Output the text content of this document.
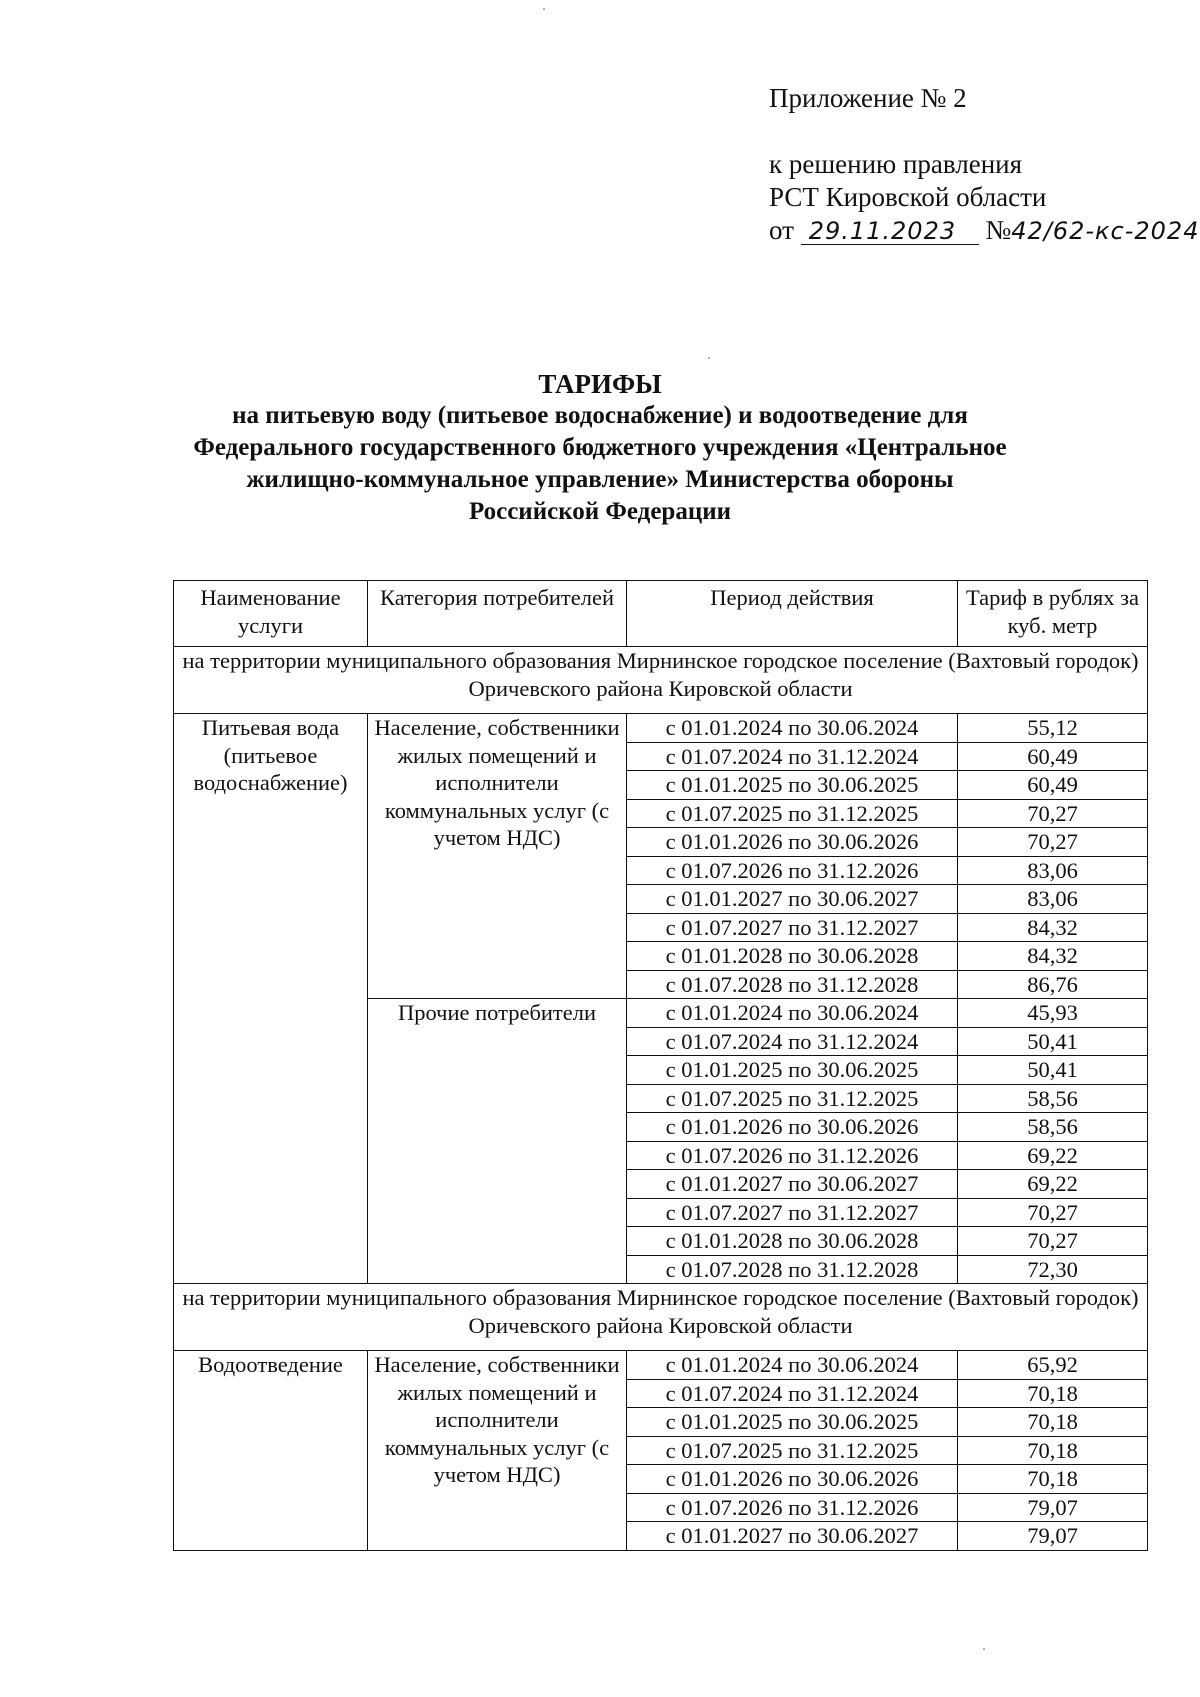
Приложение № 2
к решению правления
РСТ Кировской области
от 29.11.2023 №42/62-кс-2024
ТАРИФЫ
на питьевую воду (питьевое водоснабжение) и водоотведение для
Федерального государственного бюджетного учреждения «Центральное
жилищно-коммунальное управление» Министерства обороны
Российской Федерации
Наименование услуги	Категория потребителей	Период действия	Тариф в рублях за куб. метр
на территории муниципального образования Мирнинское городское поселение (Вахтовый городок) Оричевского района Кировской области			
Питьевая вода (питьевое водоснабжение)	Население, собственники жилых помещений и исполнители коммунальных услуг (с учетом НДС)	с 01.01.2024 по 30.06.2024	55,12
		с 01.07.2024 по 31.12.2024	60,49
		с 01.01.2025 по 30.06.2025	60,49
		с 01.07.2025 по 31.12.2025	70,27
		с 01.01.2026 по 30.06.2026	70,27
		с 01.07.2026 по 31.12.2026	83,06
		с 01.01.2027 по 30.06.2027	83,06
		с 01.07.2027 по 31.12.2027	84,32
		с 01.01.2028 по 30.06.2028	84,32
		с 01.07.2028 по 31.12.2028	86,76
	Прочие потребители	с 01.01.2024 по 30.06.2024	45,93
		с 01.07.2024 по 31.12.2024	50,41
		с 01.01.2025 по 30.06.2025	50,41
		с 01.07.2025 по 31.12.2025	58,56
		с 01.01.2026 по 30.06.2026	58,56
		с 01.07.2026 по 31.12.2026	69,22
		с 01.01.2027 по 30.06.2027	69,22
		с 01.07.2027 по 31.12.2027	70,27
		с 01.01.2028 по 30.06.2028	70,27
		с 01.07.2028 по 31.12.2028	72,30
на территории муниципального образования Мирнинское городское поселение (Вахтовый городок) Оричевского района Кировской области			
Водоотведение	Население, собственники жилых помещений и исполнители коммунальных услуг (с учетом НДС)	с 01.01.2024 по 30.06.2024	65,92
		с 01.07.2024 по 31.12.2024	70,18
		с 01.01.2025 по 30.06.2025	70,18
		с 01.07.2025 по 31.12.2025	70,18
		с 01.01.2026 по 30.06.2026	70,18
		с 01.07.2026 по 31.12.2026	79,07
		с 01.01.2027 по 30.06.2027	79,07
